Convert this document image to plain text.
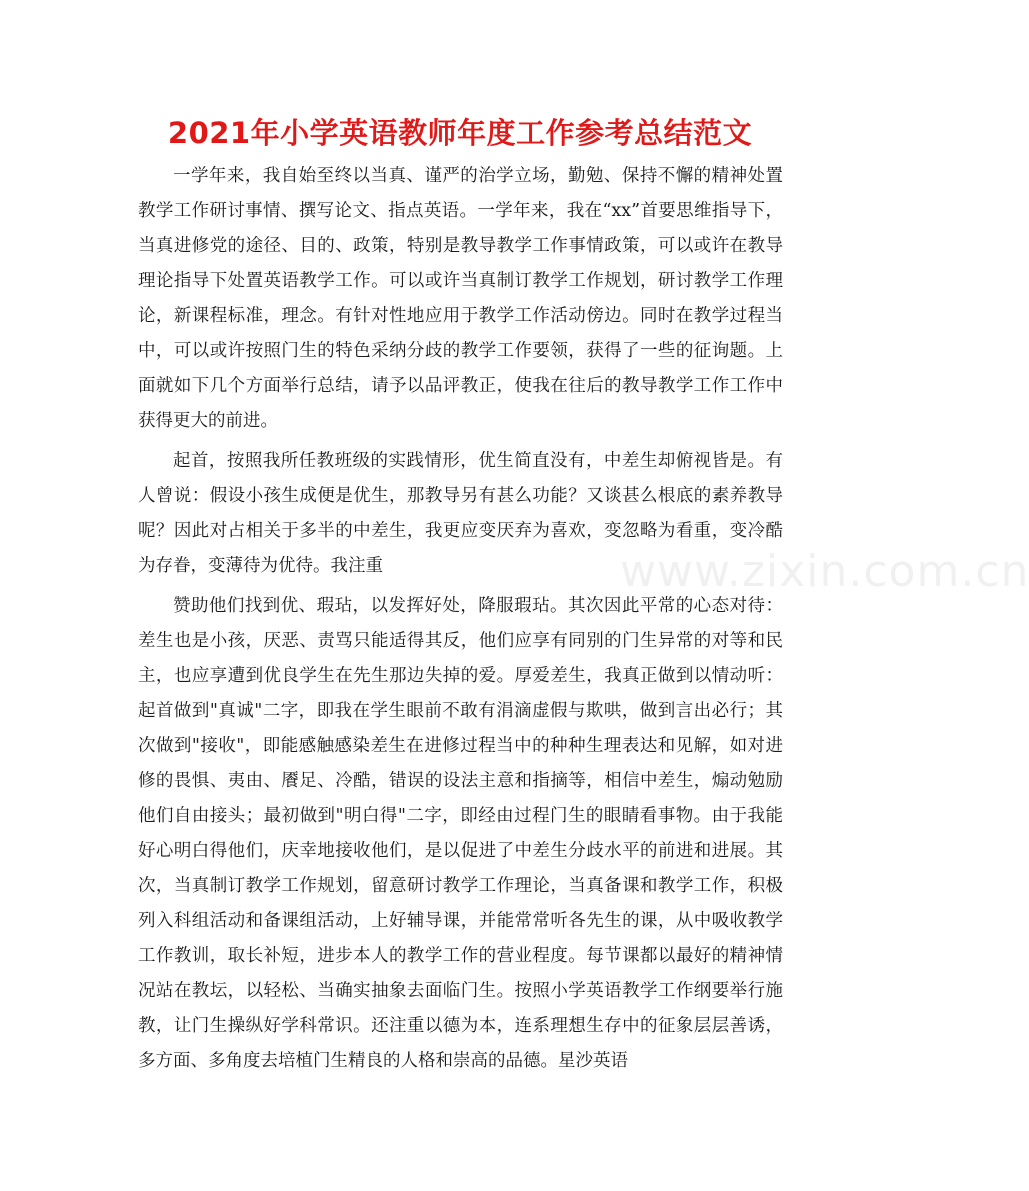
2021年小学英语教师年度工作参考总结范文

一学年来，我自始至终以当真、谨严的治学立场，勤勉、保持不懈的精神处置教学工作研讨事情、撰写论文、指点英语。一学年来，我在“xx”首要思维指导下，当真进修党的途径、目的、政策，特别是教导教学工作事情政策，可以或许在教导理论指导下处置英语教学工作。可以或许当真制订教学工作规划，研讨教学工作理论，新课程标准，理念。有针对性地应用于教学工作活动傍边。同时在教学过程当中，可以或许按照门生的特色采纳分歧的教学工作要领，获得了一些的征询题。上面就如下几个方面举行总结，请予以品评教正，使我在往后的教导教学工作工作中获得更大的前进。

起首，按照我所任教班级的实践情形，优生简直没有，中差生却俯视皆是。有人曾说：假设小孩生成便是优生，那教导另有甚么功能？又谈甚么根底的素养教导呢？因此对占相关于多半的中差生，我更应变厌弃为喜欢，变忽略为看重，变冷酷为存眷，变薄待为优待。我注重

赞助他们找到优、瑕玷，以发挥好处，降服瑕玷。其次因此平常的心态对待：差生也是小孩，厌恶、责骂只能适得其反，他们应享有同别的门生异常的对等和民主，也应享遭到优良学生在先生那边失掉的爱。厚爱差生，我真正做到以情动听：起首做到"真诚"二字，即我在学生眼前不敢有涓滴虚假与欺哄，做到言出必行；其次做到"接收"，即能感触感染差生在进修过程当中的种种生理表达和见解，如对进修的畏惧、夷由、餍足、冷酷，错误的设法主意和指摘等，相信中差生，煽动勉励他们自由接头；最初做到"明白得"二字，即经由过程门生的眼睛看事物。由于我能好心明白得他们，庆幸地接收他们，是以促进了中差生分歧水平的前进和进展。其次，当真制订教学工作规划，留意研讨教学工作理论，当真备课和教学工作，积极列入科组活动和备课组活动，上好辅导课，并能常常听各先生的课，从中吸收教学工作教训，取长补短，进步本人的教学工作的营业程度。每节课都以最好的精神情况站在教坛，以轻松、当确实抽象去面临门生。按照小学英语教学工作纲要举行施教，让门生操纵好学科常识。还注重以德为本，连系理想生存中的征象层层善诱，多方面、多角度去培植门生精良的人格和崇高的品德。星沙英语

www.zixin.com.cn
